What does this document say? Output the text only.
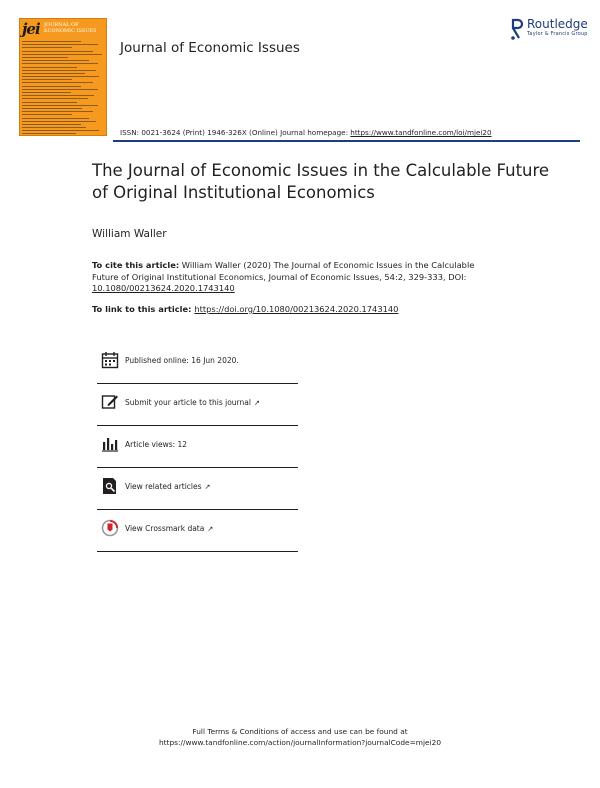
jei JOURNAL OF ECONOMIC ISSUES	Routledge
Taylor & Francis Group
Journal of Economic Issues
ISSN: 0021-3624 (Print) 1946-326X (Online) Journal homepage: https://www.tandfonline.com/loi/mjei20
The Journal of Economic Issues in the Calculable Future of Original Institutional Economics
William Waller
To cite this article: William Waller (2020) The Journal of Economic Issues in the Calculable Future of Original Institutional Economics, Journal of Economic Issues, 54:2, 329-333, DOI: 10.1080/00213624.2020.1743140
To link to this article: https://doi.org/10.1080/00213624.2020.1743140
Published online: 16 Jun 2020.
Submit your article to this journal ↗
Article views: 12
View related articles ↗
View Crossmark data ↗
Full Terms & Conditions of access and use can be found at
https://www.tandfonline.com/action/journalInformation?journalCode=mjei20
